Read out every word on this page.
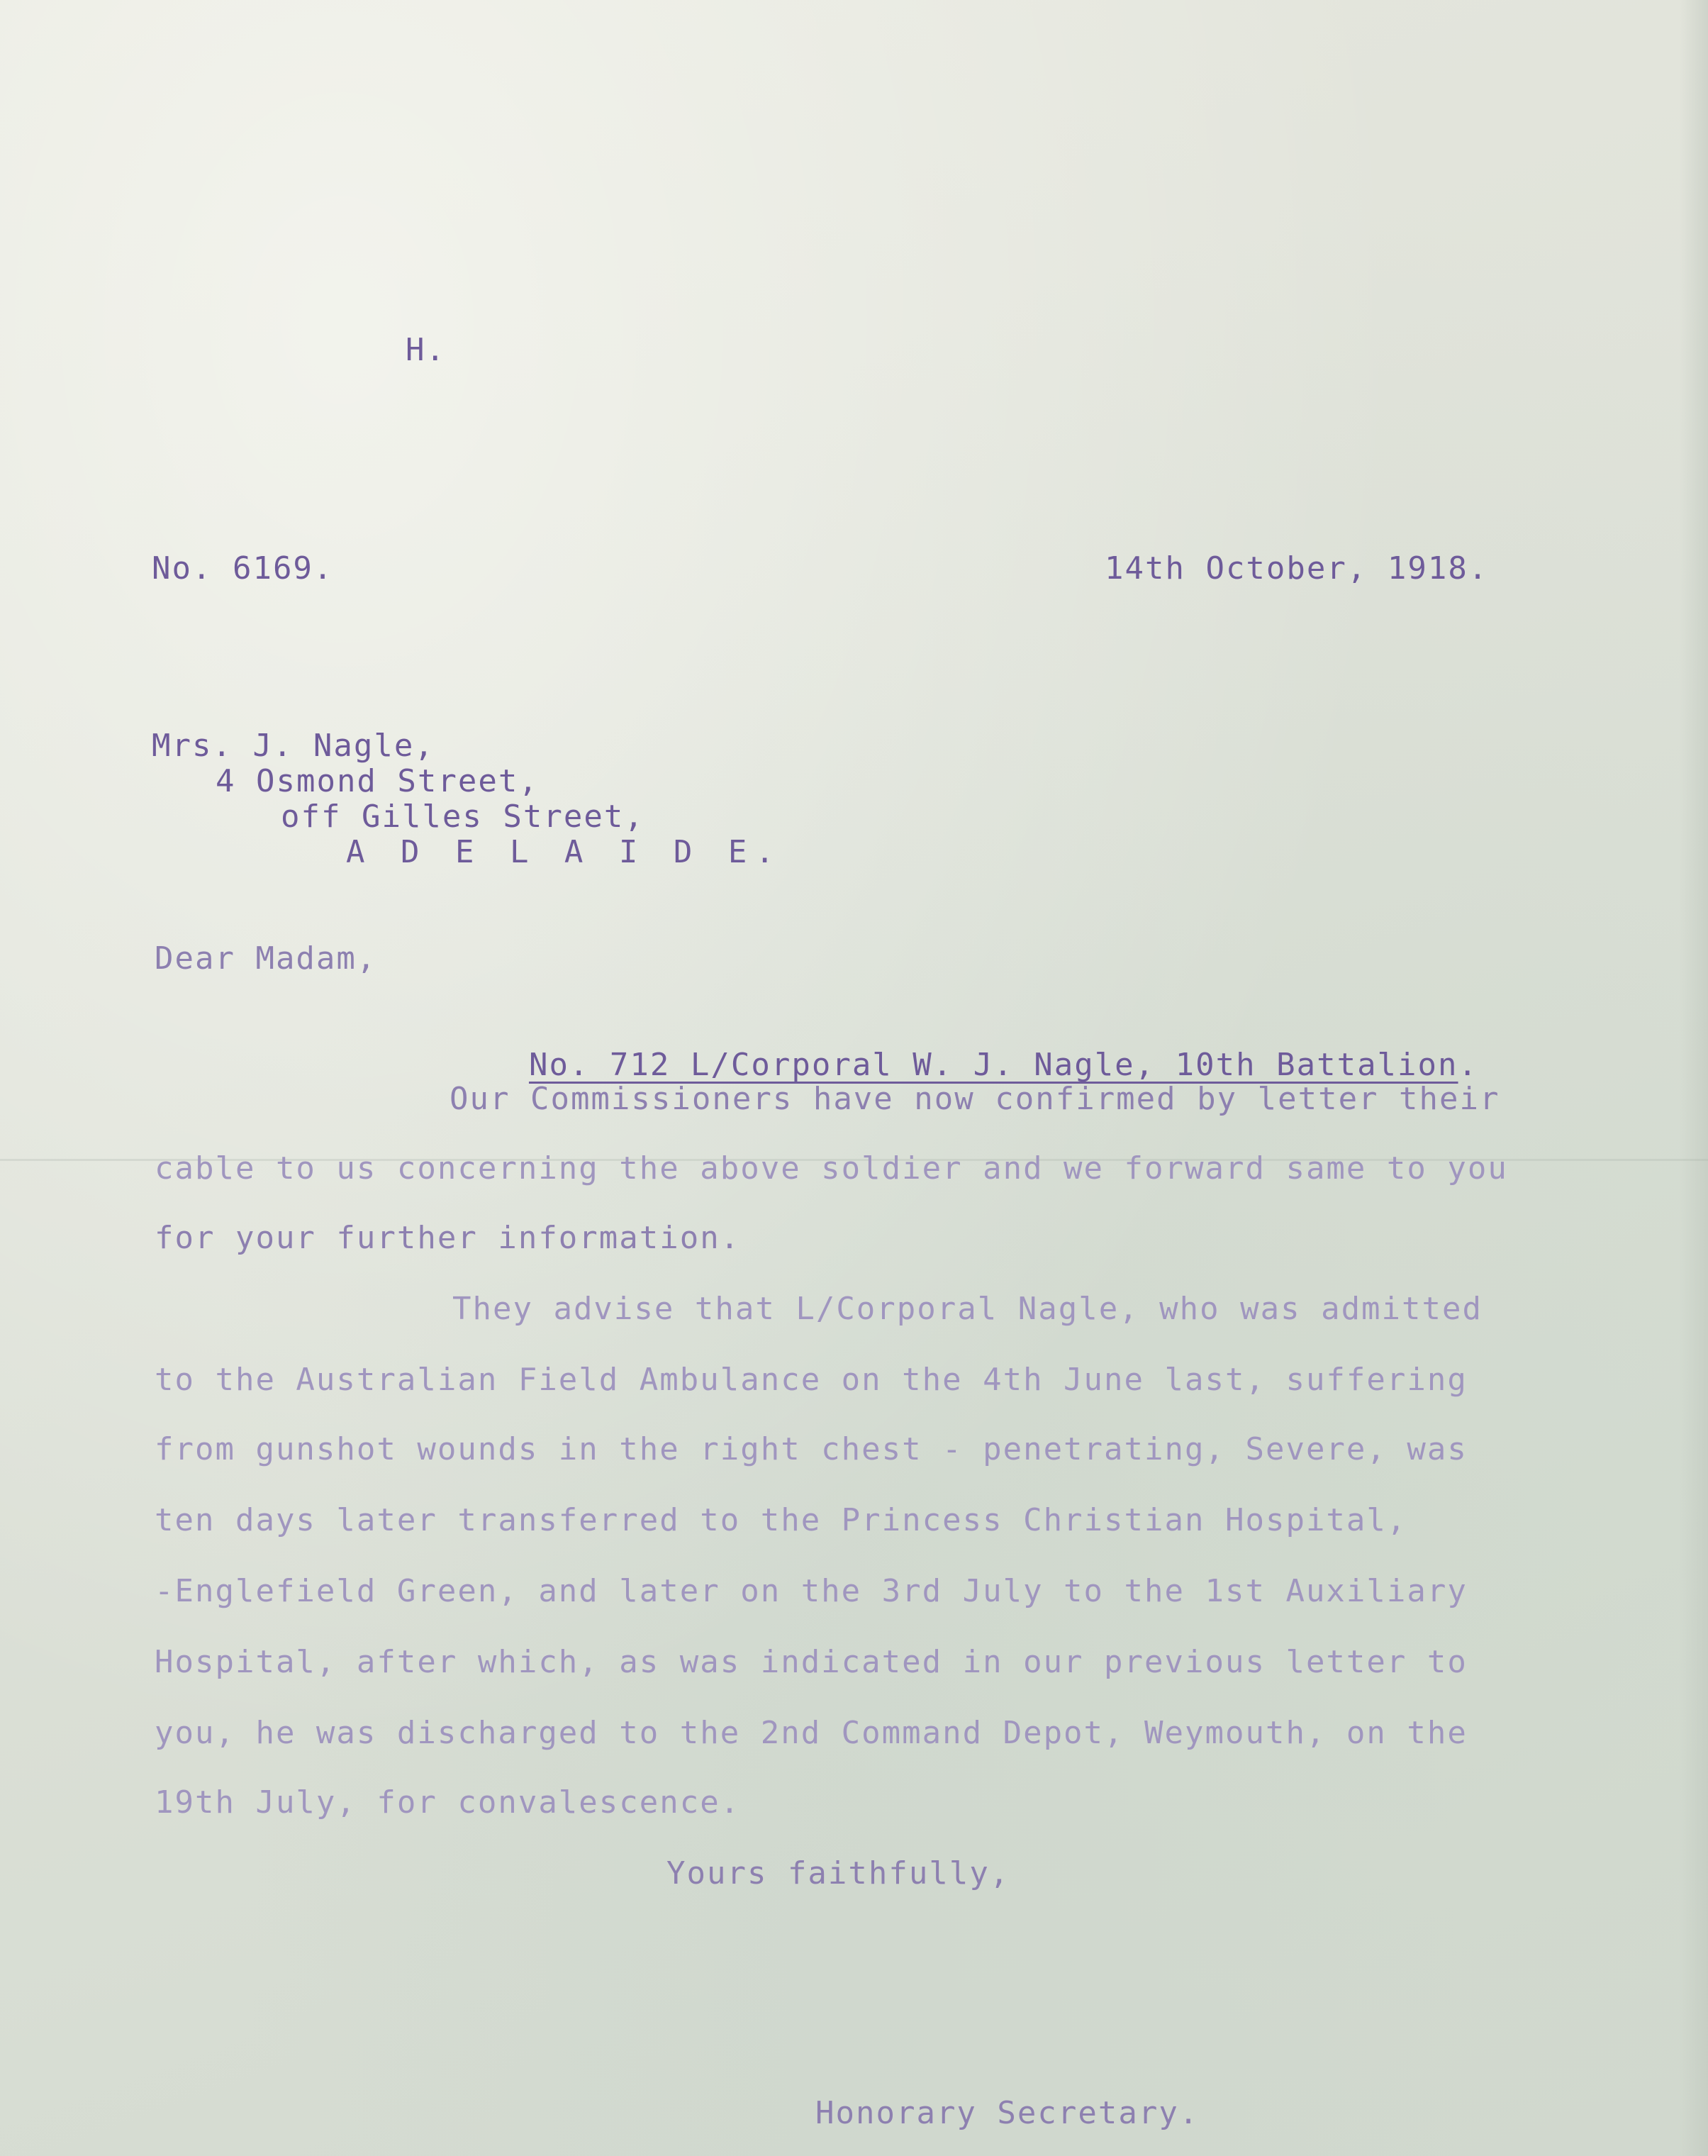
H.
No. 6169.	14th October, 1918.
Mrs. J. Nagle,
4 Osmond Street,
off Gilles Street,
A D E L A I D E.
Dear Madam,

No. 712 L/Corporal W. J. Nagle, 10th Battalion.

Our Commissioners have now confirmed by letter their
cable to us concerning the above soldier and we forward same to you
for your further information.
They advise that L/Corporal Nagle, who was admitted
to the Australian Field Ambulance on the 4th June last, suffering
from gunshot wounds in the right chest - penetrating, Severe, was
ten days later transferred to the Princess Christian Hospital,
-Englefield Green, and later on the 3rd July to the 1st Auxiliary
Hospital, after which, as was indicated in our previous letter to
you, he was discharged to the 2nd Command Depot, Weymouth, on the
19th July, for convalescence.
Yours faithfully,
Honorary Secretary.
